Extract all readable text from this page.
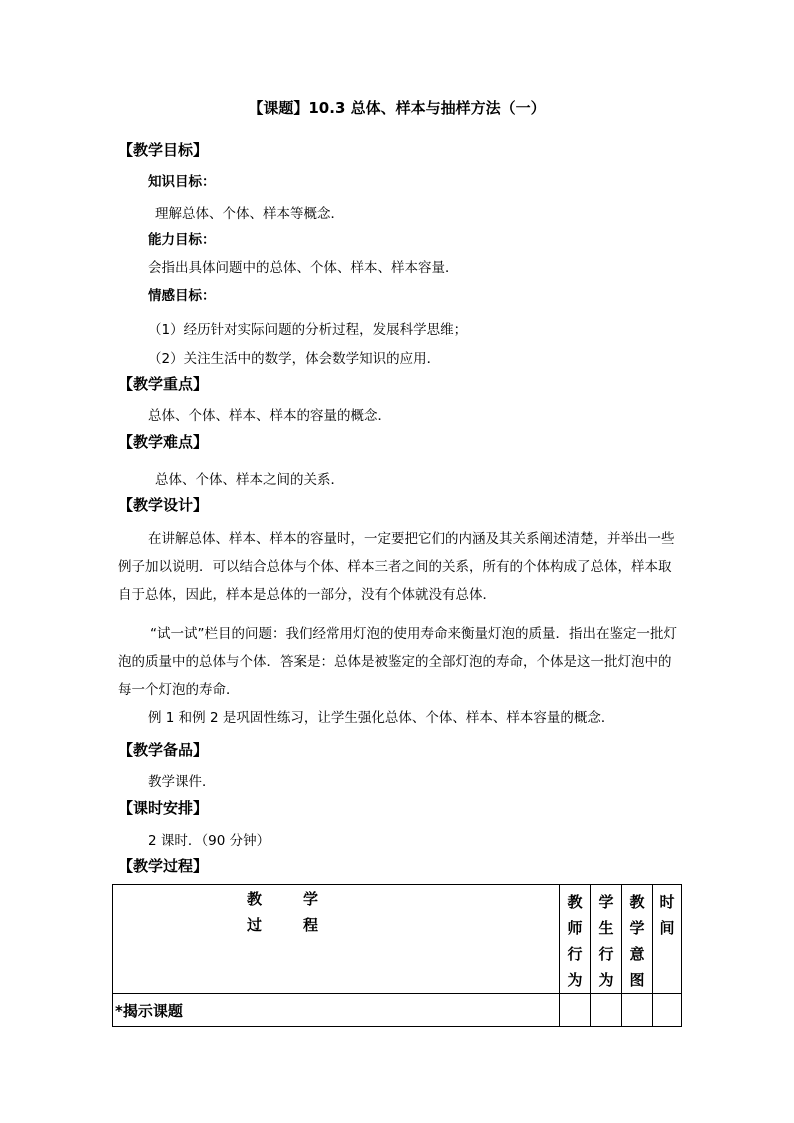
【课题】10.3 总体、样本与抽样方法（一）
【教学目标】
知识目标：
理解总体、个体、样本等概念．
能力目标：
会指出具体问题中的总体、个体、样本、样本容量．
情感目标：
（1）经历针对实际问题的分析过程，发展科学思维；
（2）关注生活中的数学，体会数学知识的应用．
【教学重点】
总体、个体、样本、样本的容量的概念．
【教学难点】
总体、个体、样本之间的关系．
【教学设计】
在讲解总体、样本、样本的容量时，一定要把它们的内涵及其关系阐述清楚，并举出一些例子加以说明．可以结合总体与个体、样本三者之间的关系，所有的个体构成了总体，样本取自于总体，因此，样本是总体的一部分，没有个体就没有总体．
“试一试”栏目的问题：我们经常用灯泡的使用寿命来衡量灯泡的质量．指出在鉴定一批灯泡的质量中的总体与个体．答案是：总体是被鉴定的全部灯泡的寿命，个体是这一批灯泡中的每一个灯泡的寿命．
例 1 和例 2 是巩固性练习，让学生强化总体、个体、样本、样本容量的概念．
【教学备品】
教学课件．
【课时安排】
2 课时．（90 分钟）
【教学过程】
教 学
过 程	教师行为	学生行为	教学意图	时间

*揭示课题				
